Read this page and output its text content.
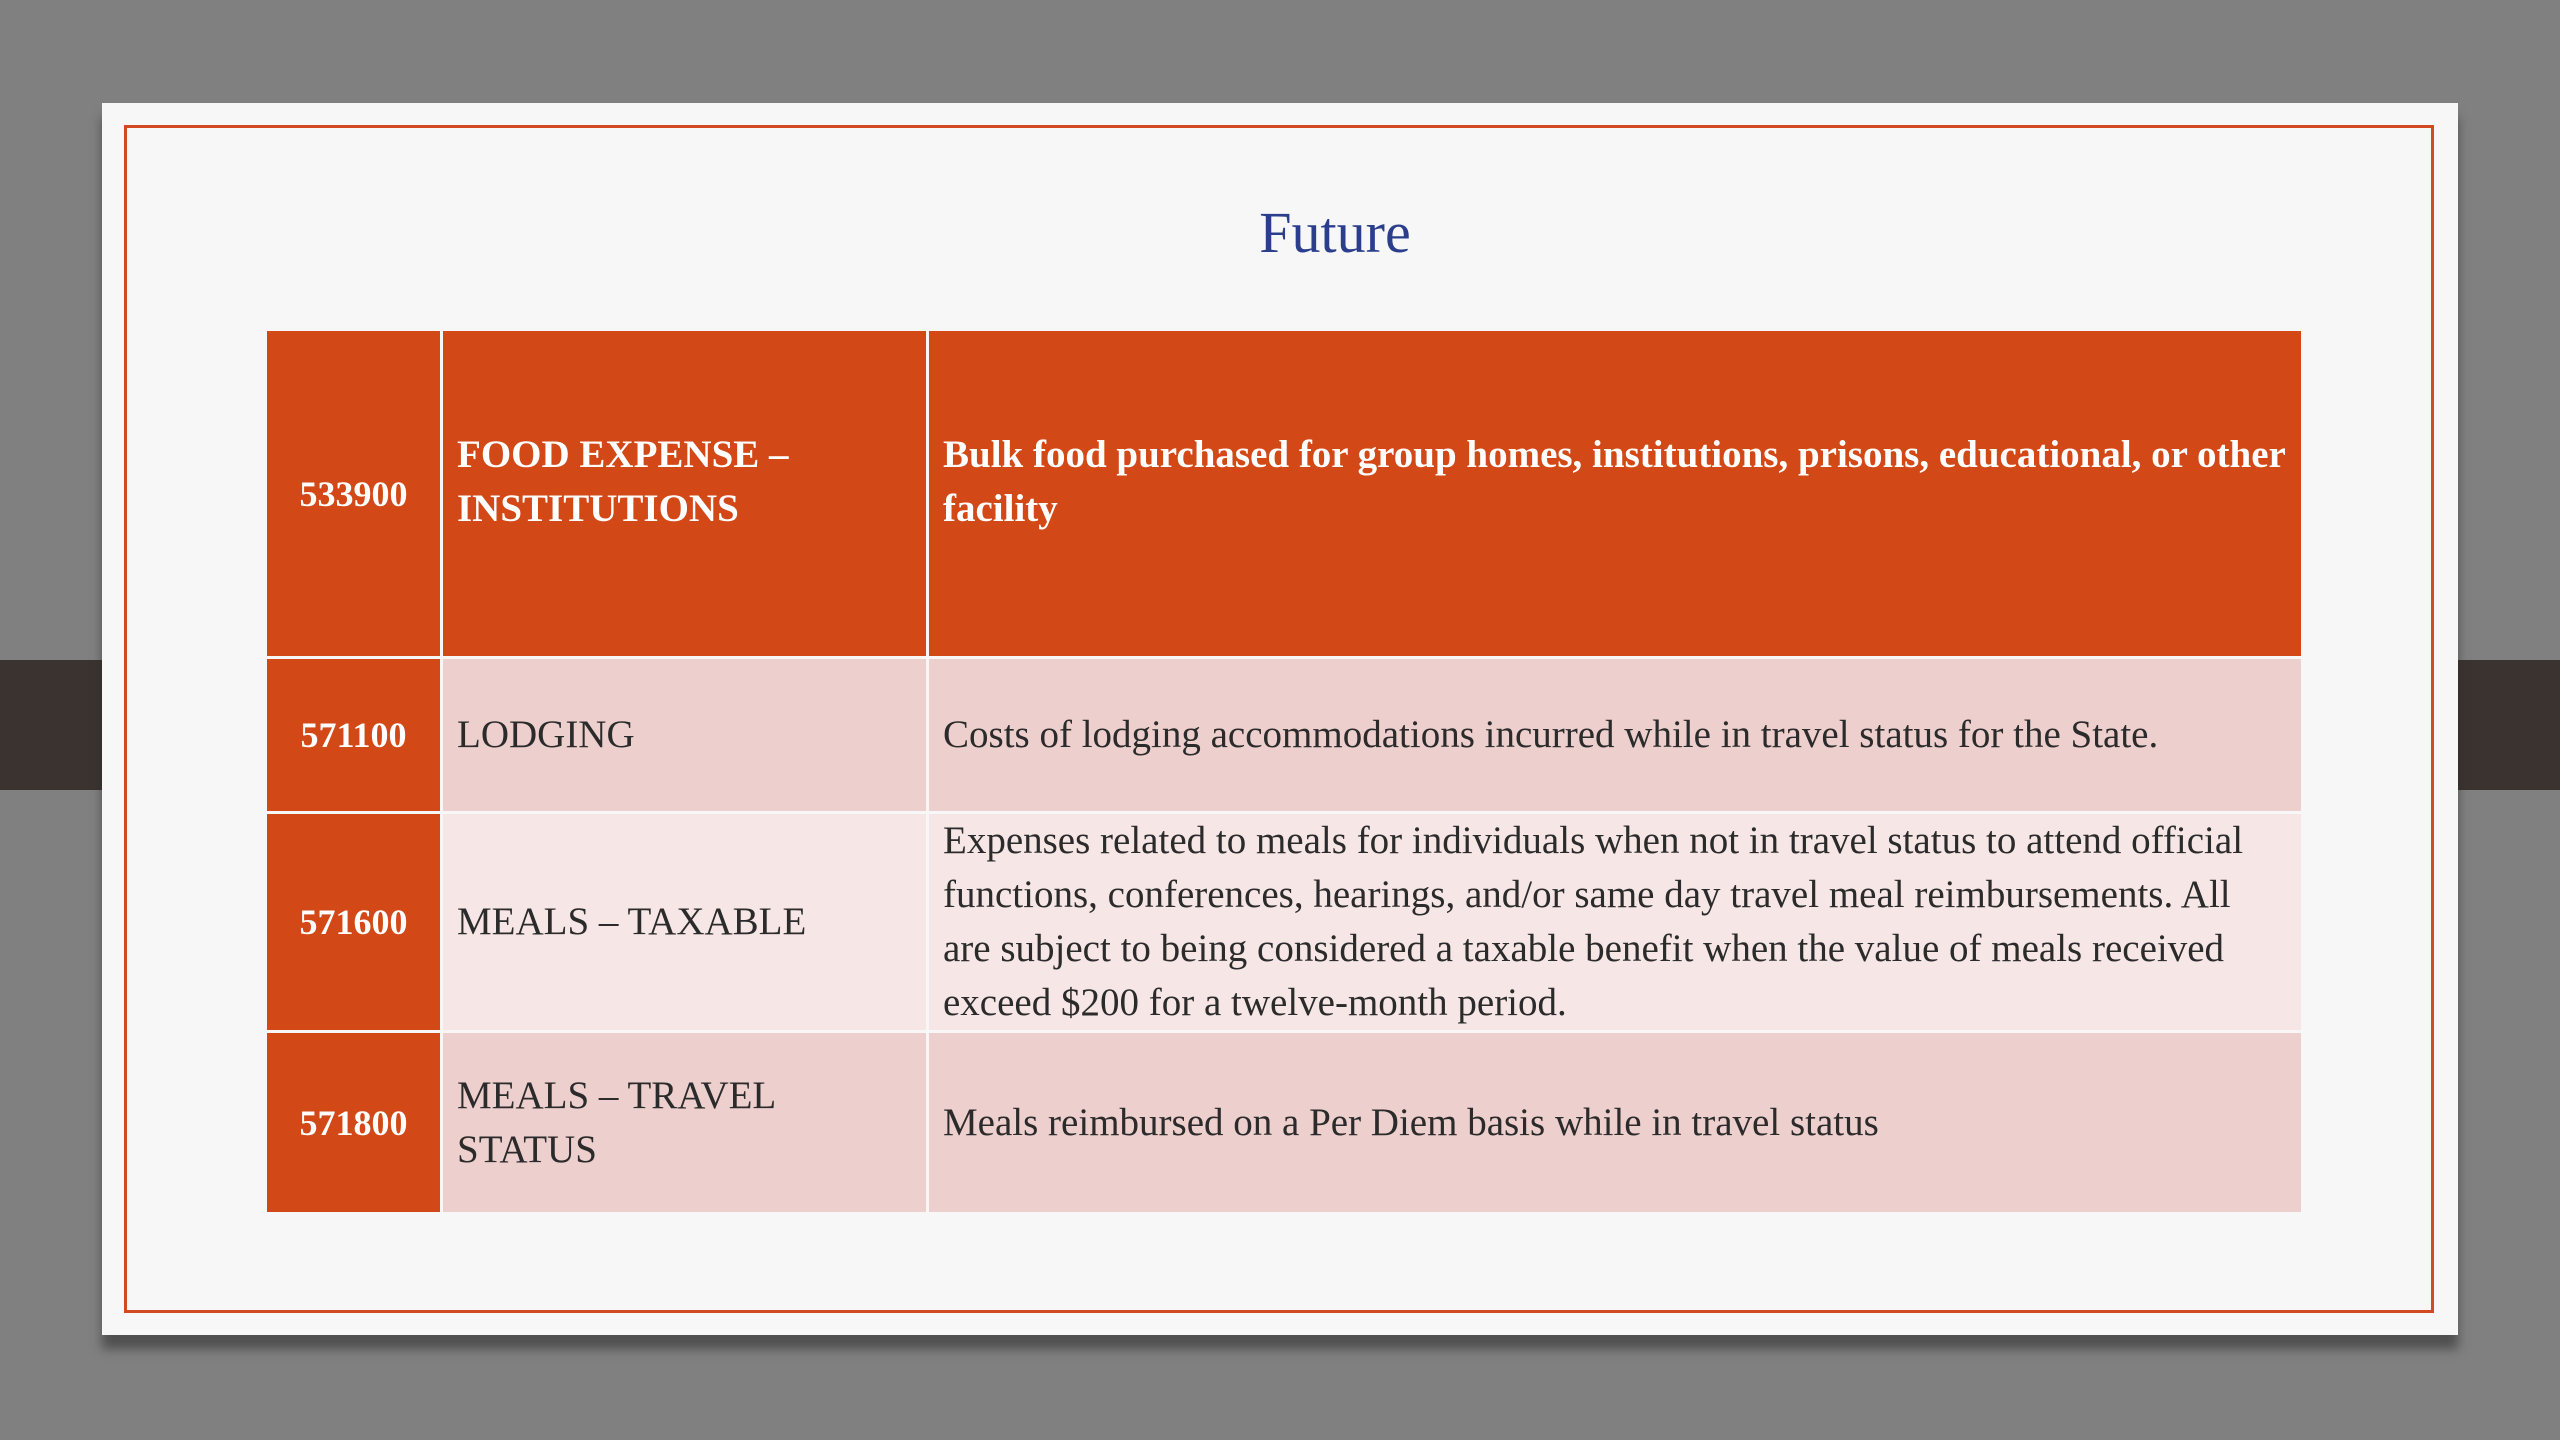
Future
533900	FOOD EXPENSE – INSTITUTIONS	Bulk food purchased for group homes, institutions, prisons, educational, or other facility
571100	LODGING	Costs of lodging accommodations incurred while in travel status for the State.
571600	MEALS – TAXABLE	Expenses related to meals for individuals when not in travel status to attend official functions, conferences, hearings, and/or same day travel meal reimbursements. All are subject to being considered a taxable benefit when the value of meals received exceed $200 for a twelve-month period.
571800	MEALS – TRAVEL STATUS	Meals reimbursed on a Per Diem basis while in travel status
